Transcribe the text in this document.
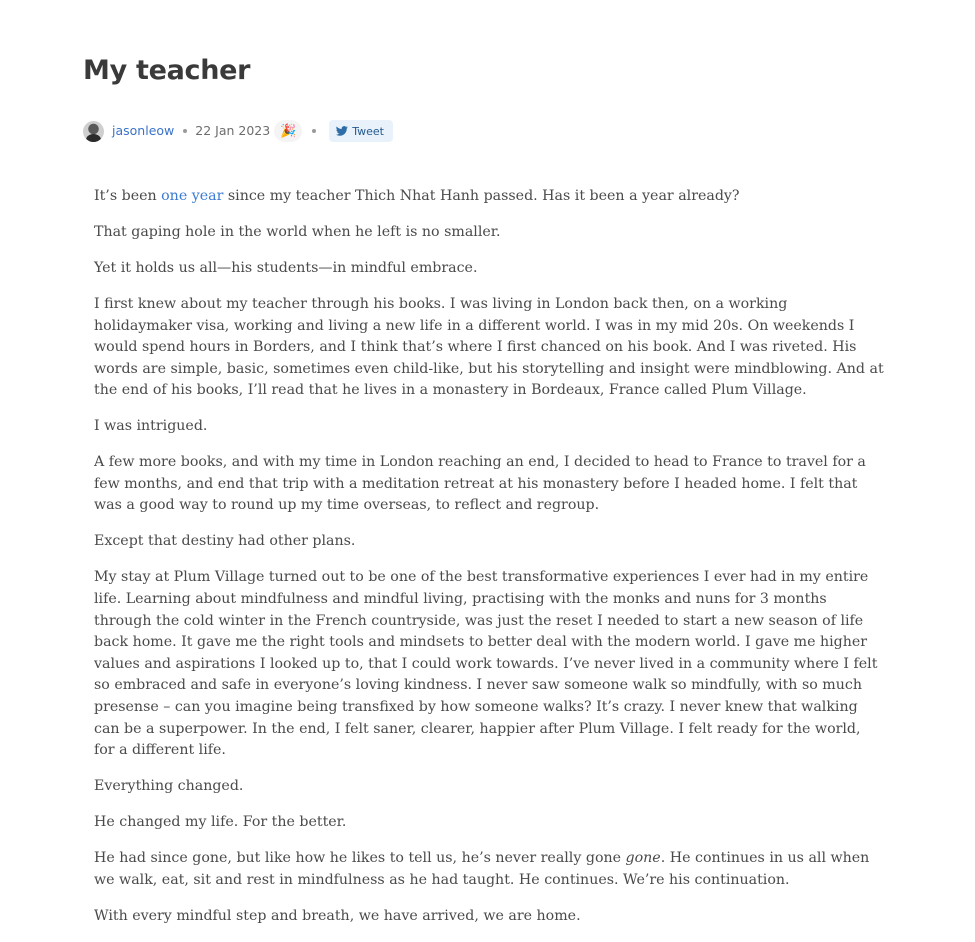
My teacher
jasonleow 22 Jan 2023 🎉	Tweet

It’s been one year since my teacher Thich Nhat Hanh passed. Has it been a year already?

That gaping hole in the world when he left is no smaller.

Yet it holds us all—his students—in mindful embrace.

I first knew about my teacher through his books. I was living in London back then, on a working holidaymaker visa, working and living a new life in a different world. I was in my mid 20s. On weekends I would spend hours in Borders, and I think that’s where I first chanced on his book. And I was riveted. His words are simple, basic, sometimes even child-like, but his storytelling and insight were mindblowing. And at the end of his books, I’ll read that he lives in a monastery in Bordeaux, France called Plum Village.

I was intrigued.

A few more books, and with my time in London reaching an end, I decided to head to France to travel for a few months, and end that trip with a meditation retreat at his monastery before I headed home. I felt that was a good way to round up my time overseas, to reflect and regroup.

Except that destiny had other plans.

My stay at Plum Village turned out to be one of the best transformative experiences I ever had in my entire life. Learning about mindfulness and mindful living, practising with the monks and nuns for 3 months through the cold winter in the French countryside, was just the reset I needed to start a new season of life back home. It gave me the right tools and mindsets to better deal with the modern world. I gave me higher values and aspirations I looked up to, that I could work towards. I’ve never lived in a community where I felt so embraced and safe in everyone’s loving kindness. I never saw someone walk so mindfully, with so much presense – can you imagine being transfixed by how someone walks? It’s crazy. I never knew that walking can be a superpower. In the end, I felt saner, clearer, happier after Plum Village. I felt ready for the world, for a different life.

Everything changed.

He changed my life. For the better.

He had since gone, but like how he likes to tell us, he’s never really gone gone. He continues in us all when we walk, eat, sit and rest in mindfulness as he had taught. He continues. We’re his continuation.

With every mindful step and breath, we have arrived, we are home.
